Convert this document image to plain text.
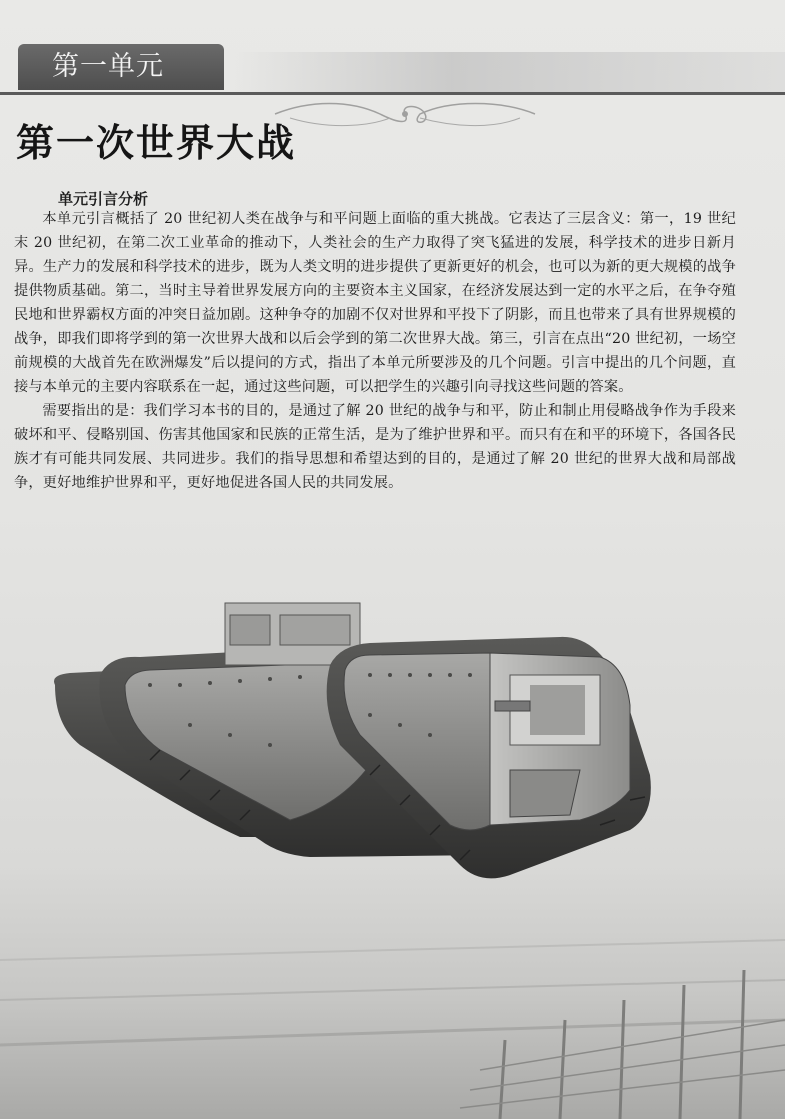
第一单元
第一次世界大战
单元引言分析

本单元引言概括了 20 世纪初人类在战争与和平问题上面临的重大挑战。它表达了三层含义：第一，19 世纪末 20 世纪初，在第二次工业革命的推动下，人类社会的生产力取得了突飞猛进的发展，科学技术的进步日新月异。生产力的发展和科学技术的进步，既为人类文明的进步提供了更新更好的机会，也可以为新的更大规模的战争提供物质基础。第二，当时主导着世界发展方向的主要资本主义国家，在经济发展达到一定的水平之后，在争夺殖民地和世界霸权方面的冲突日益加剧。这种争夺的加剧不仅对世界和平投下了阴影，而且也带来了具有世界规模的战争，即我们即将学到的第一次世界大战和以后会学到的第二次世界大战。第三，引言在点出“20 世纪初，一场空前规模的大战首先在欧洲爆发”后以提问的方式，指出了本单元所要涉及的几个问题。引言中提出的几个问题，直接与本单元的主要内容联系在一起，通过这些问题，可以把学生的兴趣引向寻找这些问题的答案。

需要指出的是：我们学习本书的目的，是通过了解 20 世纪的战争与和平，防止和制止用侵略战争作为手段来破坏和平、侵略别国、伤害其他国家和民族的正常生活，是为了维护世界和平。而只有在和平的环境下，各国各民族才有可能共同发展、共同进步。我们的指导思想和希望达到的目的，是通过了解 20 世纪的世界大战和局部战争，更好地维护世界和平，更好地促进各国人民的共同发展。
